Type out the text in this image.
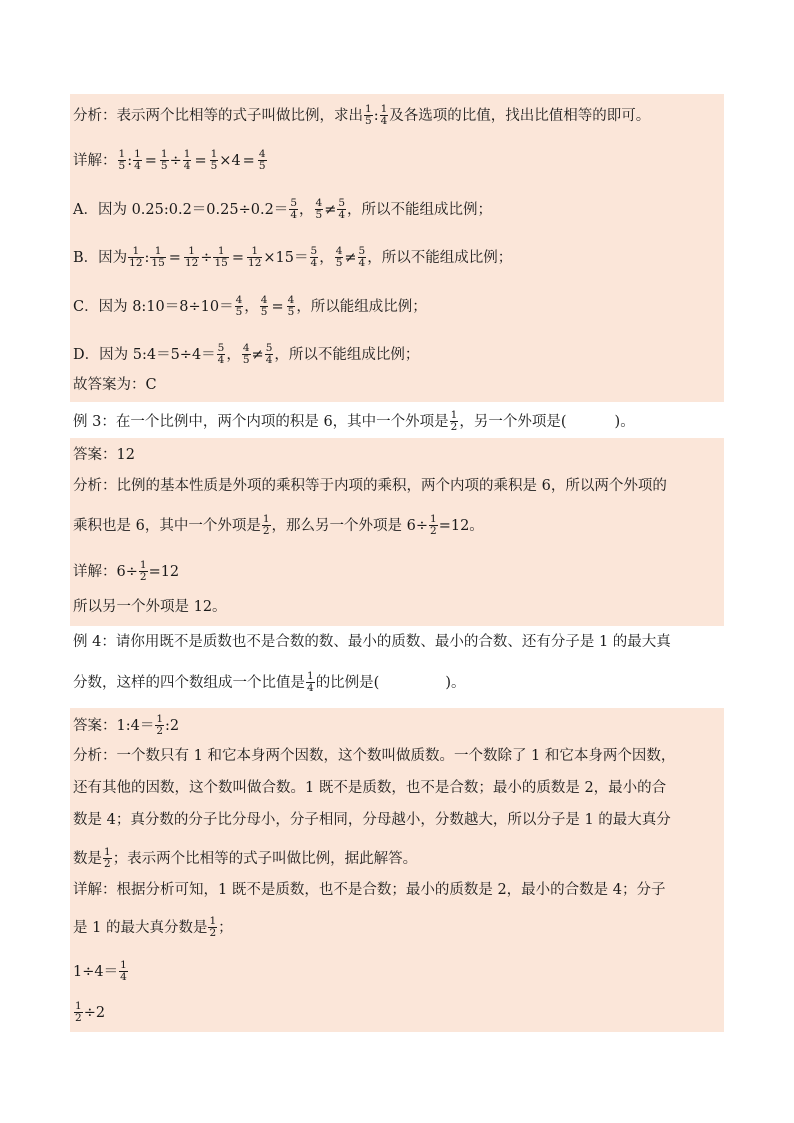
分析：表示两个比相等的式子叫做比例，求出 $\frac{1}{5}$ : $\frac{1}{4}$ 及各选项的比值，找出比值相等的即可。
详解： $\frac{1}{5}$ : $\frac{1}{4} = \frac{1}{5} \div \frac{1}{4} = \frac{1}{5} \times 4 = \frac{4}{5}$
A．因为 0.25:0.2＝0.25÷0.2＝ $\frac{5}{4}$ ， $\frac{4}{5} \ne \frac{5}{4}$ ，所以不能组成比例；
B．因为 $\frac{1}{12}$ : $\frac{1}{15} = \frac{1}{12} \div \frac{1}{15} = \frac{1}{12} \times 15= \frac{5}{4}$ ， $\frac{4}{5} \ne \frac{5}{4}$ ，所以不能组成比例；
C．因为 8:10＝8÷10＝ $\frac{4}{5}$ ， $\frac{4}{5} = \frac{4}{5}$ ，所以能组成比例；
D．因为 5:4＝5÷4＝ $\frac{5}{4}$ ， $\frac{4}{5} \ne \frac{5}{4}$ ，所以不能组成比例；
故答案为：C
例 3：在一个比例中，两个内项的积是 6，其中一个外项是 $\frac{1}{2}$ ，另一个外项是(	)。
答案：12
分析：比例的基本性质是外项的乘积等于内项的乘积，两个内项的乘积是 6，所以两个外项的
乘积也是 6，其中一个外项是 $\frac{1}{2}$ ，那么另一个外项是 $6\div \frac{1}{2} =12$。
详解：$6\div \frac{1}{2} =12$
所以另一个外项是 12。
例 4：请你用既不是质数也不是合数的数、最小的质数、最小的合数、还有分子是 1 的最大真
分数，这样的四个数组成一个比值是 $\frac{1}{4}$ 的比例是(	)。
答案：1:4＝ $\frac{1}{2}$ :2
分析：一个数只有 1 和它本身两个因数，这个数叫做质数。一个数除了 1 和它本身两个因数，
还有其他的因数，这个数叫做合数。1 既不是质数，也不是合数；最小的质数是 2，最小的合
数是 4；真分数的分子比分母小，分子相同，分母越小，分数越大，所以分子是 1 的最大真分
数是 $\frac{1}{2}$ ；表示两个比相等的式子叫做比例，据此解答。
详解：根据分析可知，1 既不是质数，也不是合数；最小的质数是 2，最小的合数是 4；分子
是 1 的最大真分数是 $\frac{1}{2}$ ；
$1\div 4= \frac{1}{4}$
$\frac{1}{2} \div 2$
